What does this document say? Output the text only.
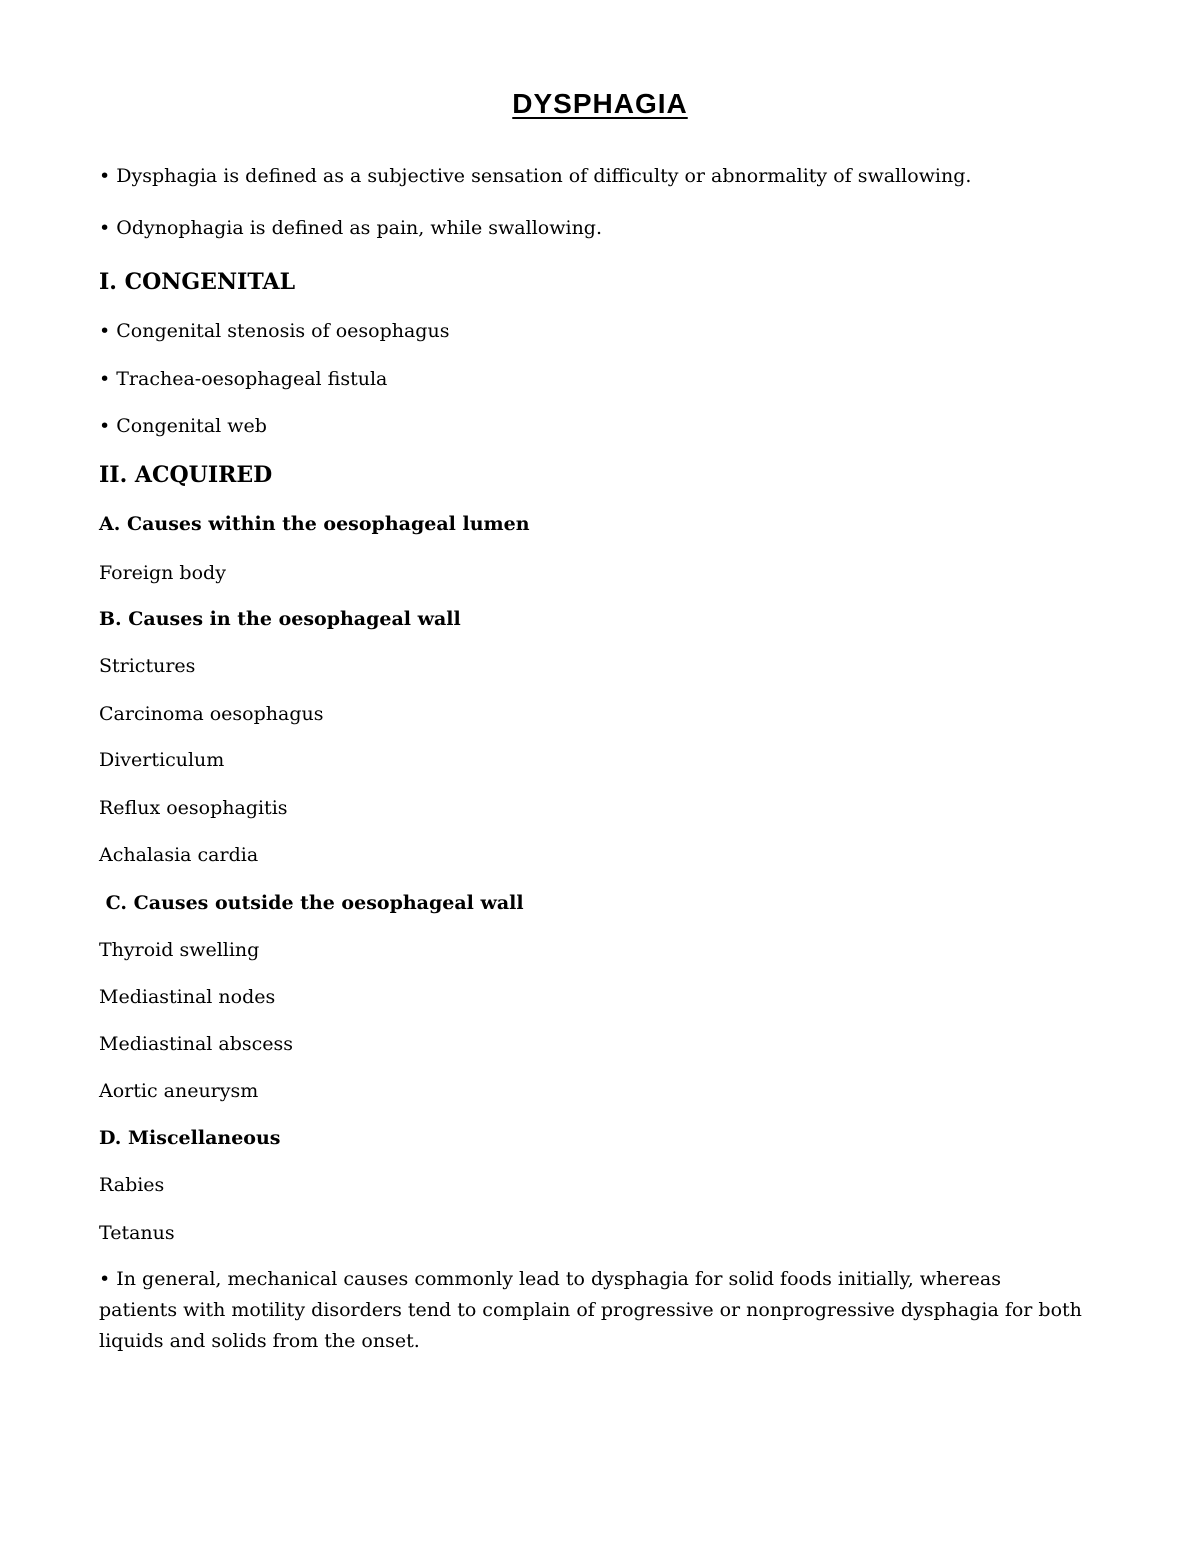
DYSPHAGIA
• Dysphagia is defined as a subjective sensation of difficulty or abnormality of swallowing.
• Odynophagia is defined as pain, while swallowing.
I. CONGENITAL
• Congenital stenosis of oesophagus
• Trachea-oesophageal fistula
• Congenital web
II. ACQUIRED
A. Causes within the oesophageal lumen
Foreign body
B. Causes in the oesophageal wall
Strictures
Carcinoma oesophagus
Diverticulum
Reflux oesophagitis
Achalasia cardia
C. Causes outside the oesophageal wall
Thyroid swelling
Mediastinal nodes
Mediastinal abscess
Aortic aneurysm
D. Miscellaneous
Rabies
Tetanus
• In general, mechanical causes commonly lead to dysphagia for solid foods initially, whereas patients with motility disorders tend to complain of progressive or nonprogressive dysphagia for both liquids and solids from the onset.
